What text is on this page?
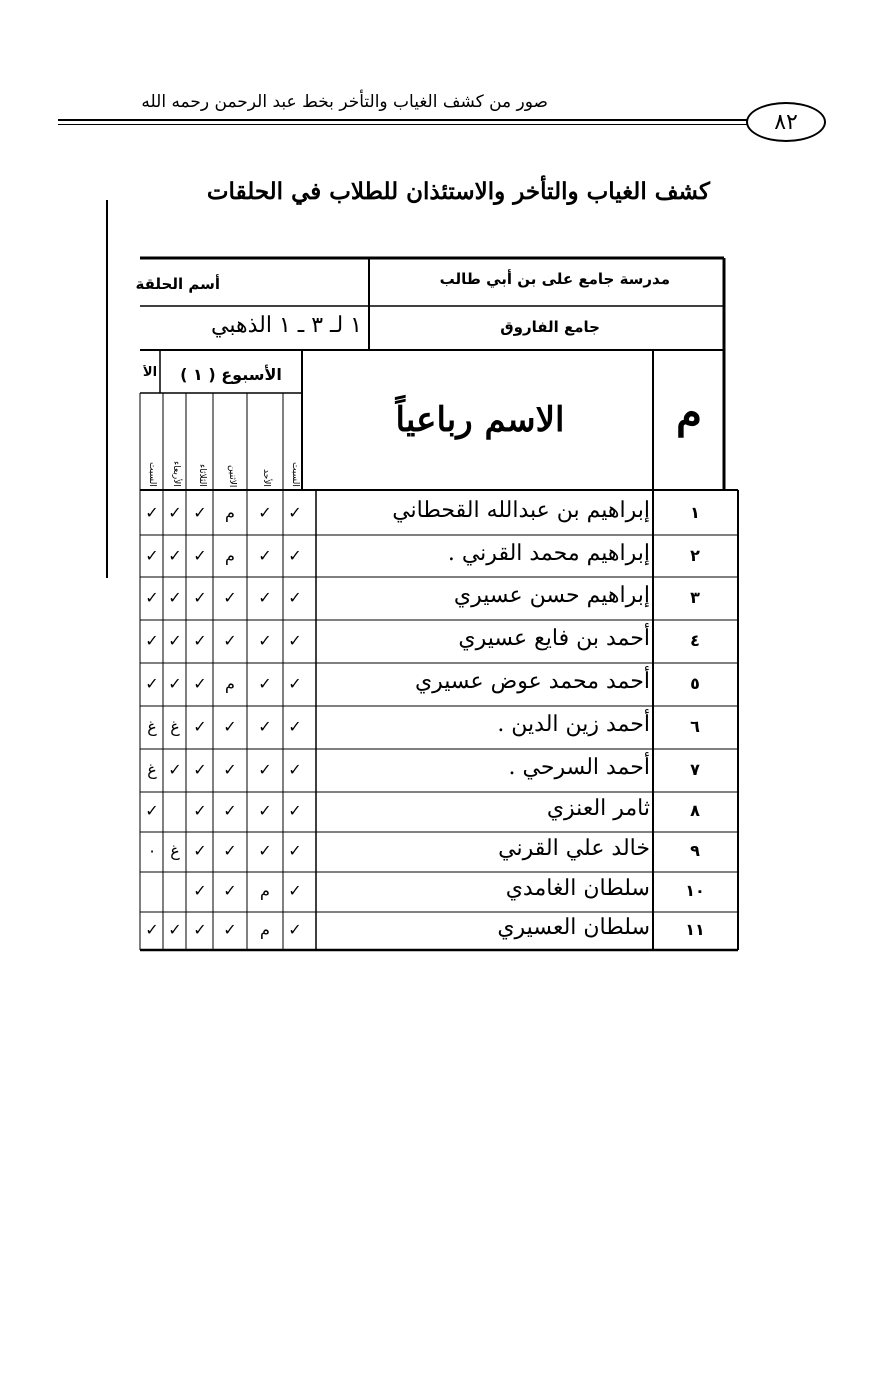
صور من كشف الغياب والتأخر بخط عبد الرحمن رحمه الله
٨٢
كشف الغياب والتأخر والاستئذان للطلاب في الحلقات
مدرسة جامع على بن أبي طالب
أسم الحلقة
جامع الفاروق
١ لـ ٣ ـ ١ الذهبي
م
الاسم رباعياً
الأسبوع ( ١ )
الأ
السبت
الأحد
الاثنين
الثلاثاء
الأربعاء
السبت
١
إبراهيم بن عبدالله القحطاني
✓
✓
م
✓
✓
✓
٢
إبراهيم محمد القرني .
✓
✓
م
✓
✓
✓
٣
إبراهيم حسن عسيري
✓
✓
✓
✓
✓
✓
٤
أحمد بن فايع عسيري
✓
✓
✓
✓
✓
✓
٥
أحمد محمد عوض عسيري
✓
✓
م
✓
✓
✓
٦
أحمد زين الدين .
✓
✓
✓
✓
غ
غ
٧
أحمد السرحي .
✓
✓
✓
✓
✓
غ
٨
ثامر العنزي
✓
✓
✓
✓
✓
٩
خالد علي القرني
✓
✓
✓
✓
غ
٠
١٠
سلطان الغامدي
✓
م
✓
✓
١١
سلطان العسيري
✓
م
✓
✓
✓
✓
